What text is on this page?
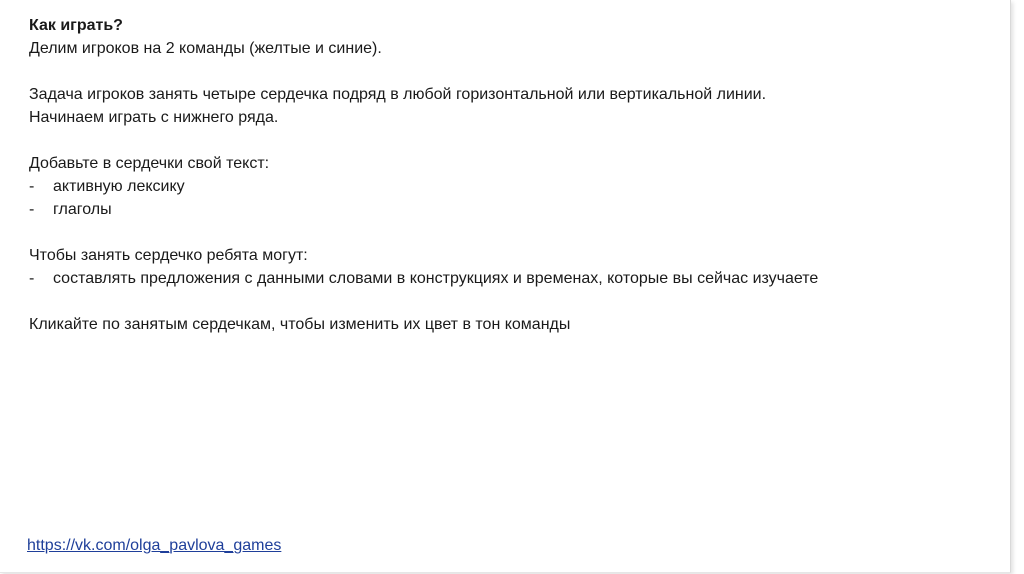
Как играть?
Делим игроков на 2 команды (желтые и синие).
Задача игроков занять четыре сердечка подряд в любой горизонтальной или вертикальной линии.
Начинаем играть с нижнего ряда.
Добавьте в сердечки свой текст:
-	активную лексику
-	глаголы
Чтобы занять сердечко ребята могут:
-	составлять предложения с данными словами в конструкциях и временах, которые вы сейчас изучаете
Кликайте по занятым сердечкам, чтобы изменить их цвет в тон команды
https://vk.com/olga_pavlova_games
